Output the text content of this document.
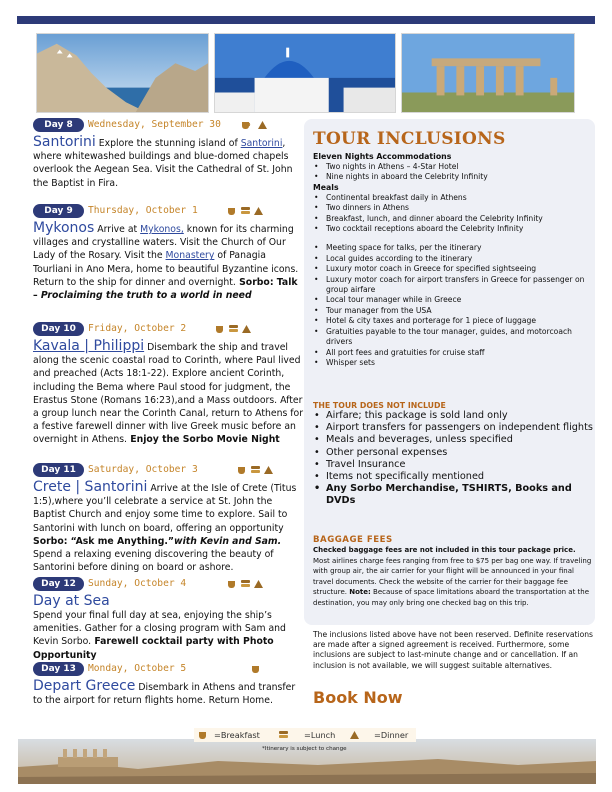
Day 8	Wednesday, September 30
Santorini Explore the stunning island of Santorini, where whitewashed buildings and blue-domed chapels overlook the Aegean Sea. Visit the Cathedral of St. John the Baptist in Fira.
Day 9	Thursday, October 1
Mykonos Arrive at Mykonos, known for its charming villages and crystalline waters. Visit the Church of Our Lady of the Rosary. Visit the Monastery of Panagia Tourliani in Ano Mera, home to beautiful Byzantine icons. Return to the ship for dinner and overnight. Sorbo: Talk – Proclaiming the truth to a world in need
Day 10	Friday, October 2
Kavala | Philippi Disembark the ship and travel along the scenic coastal road to Corinth, where Paul lived and preached (Acts 18:1-22). Explore ancient Corinth, including the Bema where Paul stood for judgment, the Erastus Stone (Romans 16:23),and a Mass outdoors. After a group lunch near the Corinth Canal, return to Athens for a festive farewell dinner with live Greek music before an overnight in Athens. Enjoy the Sorbo Movie Night
Day 11	Saturday, October 3
Crete | Santorini Arrive at the Isle of Crete (Titus 1:5),where you’ll celebrate a service at St. John the Baptist Church and enjoy some time to explore. Sail to Santorini with lunch on board, offering an opportunity Sorbo: “Ask me Anything.”with Kevin and Sam. Spend a relaxing evening discovering the beauty of Santorini before dining on board or ashore.
Day 12	Sunday, October 4
Day at Sea
Spend your final full day at sea, enjoying the ship’s amenities. Gather for a closing program with Sam and Kevin Sorbo. Farewell cocktail party with Photo Opportunity
Day 13	Monday, October 5
Depart Greece Disembark in Athens and transfer to the airport for return flights home. Return Home.
TOUR INCLUSIONS
Eleven Nights Accommodations
• Two nights in Athens – 4-Star Hotel
• Nine nights in aboard the Celebrity Infinity
Meals
• Continental breakfast daily in Athens
• Two dinners in Athens
• Breakfast, lunch, and dinner aboard the Celebrity Infinity
• Two cocktail receptions aboard the Celebrity Infinity
• Meeting space for talks, per the itinerary
• Local guides according to the itinerary
• Luxury motor coach in Greece for specified sightseeing
• Luxury motor coach for airport transfers in Greece for passenger on group airfare
• Local tour manager while in Greece
• Tour manager from the USA
• Hotel & city taxes and porterage for 1 piece of luggage
• Gratuities payable to the tour manager, guides, and motorcoach drivers
• All port fees and gratuities for cruise staff
• Whisper sets
THE TOUR DOES NOT INCLUDE
• Airfare; this package is sold land only
• Airport transfers for passengers on independent flights
• Meals and beverages, unless specified
• Other personal expenses
• Travel Insurance
• Items not specifically mentioned
• Any Sorbo Merchandise, TSHIRTS, Books and DVDs
BAGGAGE FEES
Checked baggage fees are not included in this tour package price. Most airlines charge fees ranging from free to $75 per bag one way. If traveling with group air, the air carrier for your flight will be announced in your final travel documents. Check the website of the carrier for their baggage fee structure. Note: Because of space limitations aboard the transportation at the destination, you may only bring one checked bag on this trip.
The inclusions listed above have not been reserved. Definite reservations are made after a signed agreement is received. Furthermore, some inclusions are subject to last-minute change and or cancellation. If an inclusion is not available, we will suggest suitable alternatives.
Book Now
=Breakfast	=Lunch	=Dinner
*Itinerary is subject to change
